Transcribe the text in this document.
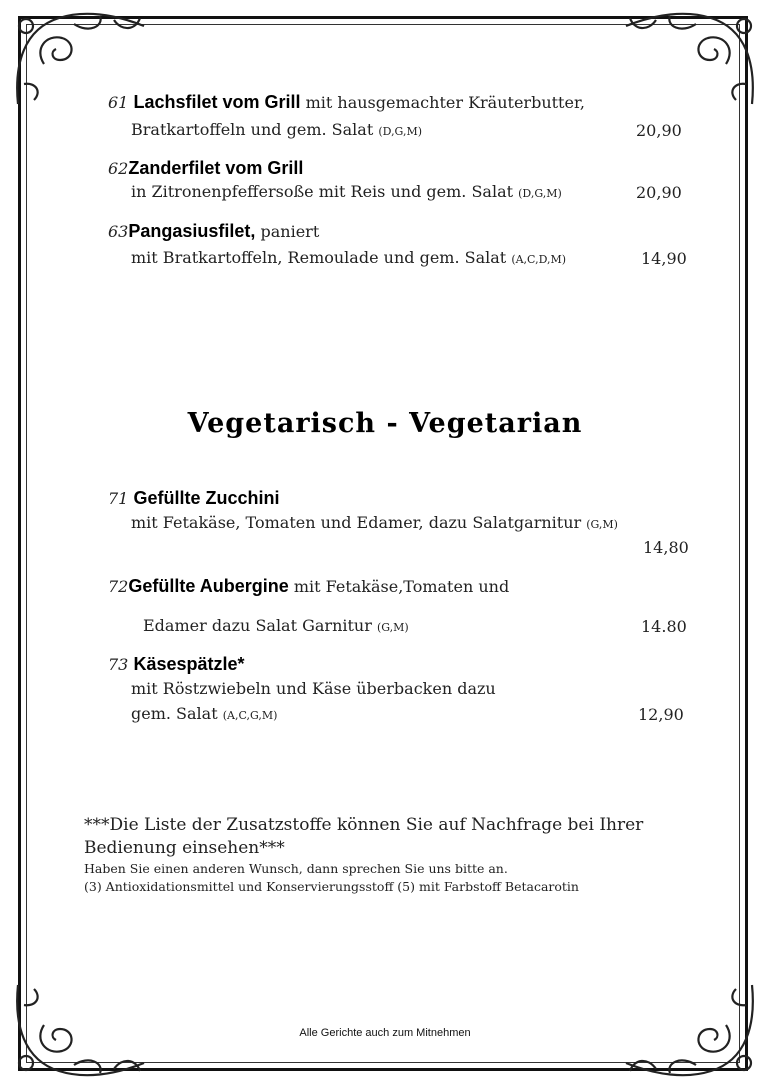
61 Lachsfilet vom Grill mit hausgemachter Kräuterbutter,
Bratkartoffeln und gem. Salat (D,G,M)	20,90
62Zanderfilet vom Grill
in Zitronenpfeffersoße mit Reis und gem. Salat (D,G,M)	20,90
63Pangasiusfilet, paniert
mit Bratkartoffeln, Remoulade und gem. Salat (A,C,D,M)	14,90
Vegetarisch - Vegetarian
71 Gefüllte Zucchini
mit Fetakäse, Tomaten und Edamer, dazu Salatgarnitur (G,M)
14,80
72Gefüllte Aubergine mit Fetakäse,Tomaten und
Edamer dazu Salat Garnitur (G,M)	14.80
73 Käsespätzle*
mit Röstzwiebeln und Käse überbacken dazu
gem. Salat (A,C,G,M)	12,90
***Die Liste der Zusatzstoffe können Sie auf Nachfrage bei Ihrer
Bedienung einsehen***
Haben Sie einen anderen Wunsch, dann sprechen Sie uns bitte an.
(3) Antioxidationsmittel und Konservierungsstoff (5) mit Farbstoff Betacarotin
Alle Gerichte auch zum Mitnehmen
